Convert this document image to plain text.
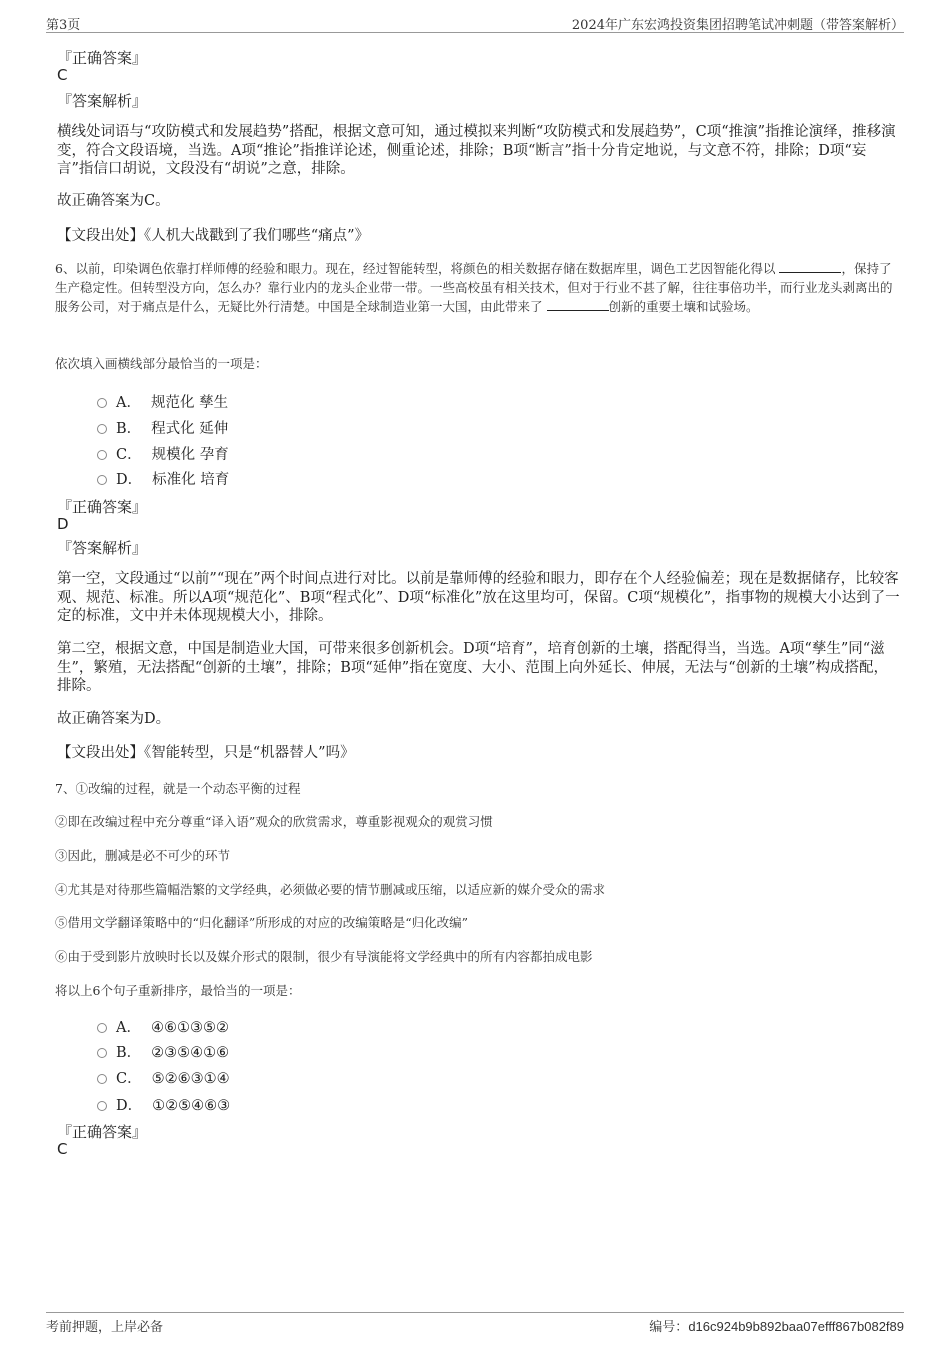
第3页	2024年广东宏鸿投资集团招聘笔试冲刺题（带答案解析）
『正确答案』
C
『答案解析』
横线处词语与“攻防模式和发展趋势”搭配，根据文意可知，通过模拟来判断“攻防模式和发展趋势”，C项“推演”指推论演绎，推移演变，符合文段语境，当选。A项“推论”指推详论述，侧重论述，排除；B项“断言”指十分肯定地说，与文意不符，排除；D项“妄言”指信口胡说，文段没有“胡说”之意，排除。
故正确答案为C。
【文段出处】《人机大战戳到了我们哪些“痛点”》
6、以前，印染调色依靠打样师傅的经验和眼力。现在，经过智能转型，将颜色的相关数据存储在数据库里，调色工艺因智能化得以	，保持了生产稳定性。但转型没方向，怎么办？靠行业内的龙头企业带一带。一些高校虽有相关技术，但对于行业不甚了解，往往事倍功半，而行业龙头剥离出的服务公司，对于痛点是什么，无疑比外行清楚。中国是全球制造业第一大国，由此带来了	创新的重要土壤和试验场。
依次填入画横线部分最恰当的一项是：
A． 规范化 孳生
B． 程式化 延伸
C． 规模化 孕育
D． 标准化 培育
『正确答案』
D
『答案解析』
第一空，文段通过“以前”“现在”两个时间点进行对比。以前是靠师傅的经验和眼力，即存在个人经验偏差；现在是数据储存，比较客观、规范、标准。所以A项“规范化”、B项“程式化”、D项“标准化”放在这里均可，保留。C项“规模化”，指事物的规模大小达到了一定的标准，文中并未体现规模大小，排除。
第二空，根据文意，中国是制造业大国，可带来很多创新机会。D项“培育”，培育创新的土壤，搭配得当，当选。A项“孳生”同“滋生”，繁殖，无法搭配“创新的土壤”，排除；B项“延伸”指在宽度、大小、范围上向外延长、伸展，无法与“创新的土壤”构成搭配，排除。
故正确答案为D。
【文段出处】《智能转型，只是“机器替人”吗》
7、①改编的过程，就是一个动态平衡的过程
②即在改编过程中充分尊重“译入语”观众的欣赏需求，尊重影视观众的观赏习惯
③因此，删减是必不可少的环节
④尤其是对待那些篇幅浩繁的文学经典，必须做必要的情节删减或压缩，以适应新的媒介受众的需求
⑤借用文学翻译策略中的“归化翻译”所形成的对应的改编策略是“归化改编”
⑥由于受到影片放映时长以及媒介形式的限制，很少有导演能将文学经典中的所有内容都拍成电影
将以上6个句子重新排序，最恰当的一项是：
A． ④⑥①③⑤②
B． ②③⑤④①⑥
C． ⑤②⑥③①④
D． ①②⑤④⑥③
『正确答案』
C
考前押题，上岸必备	编号：d16c924b9b892baa07efff867b082f89
